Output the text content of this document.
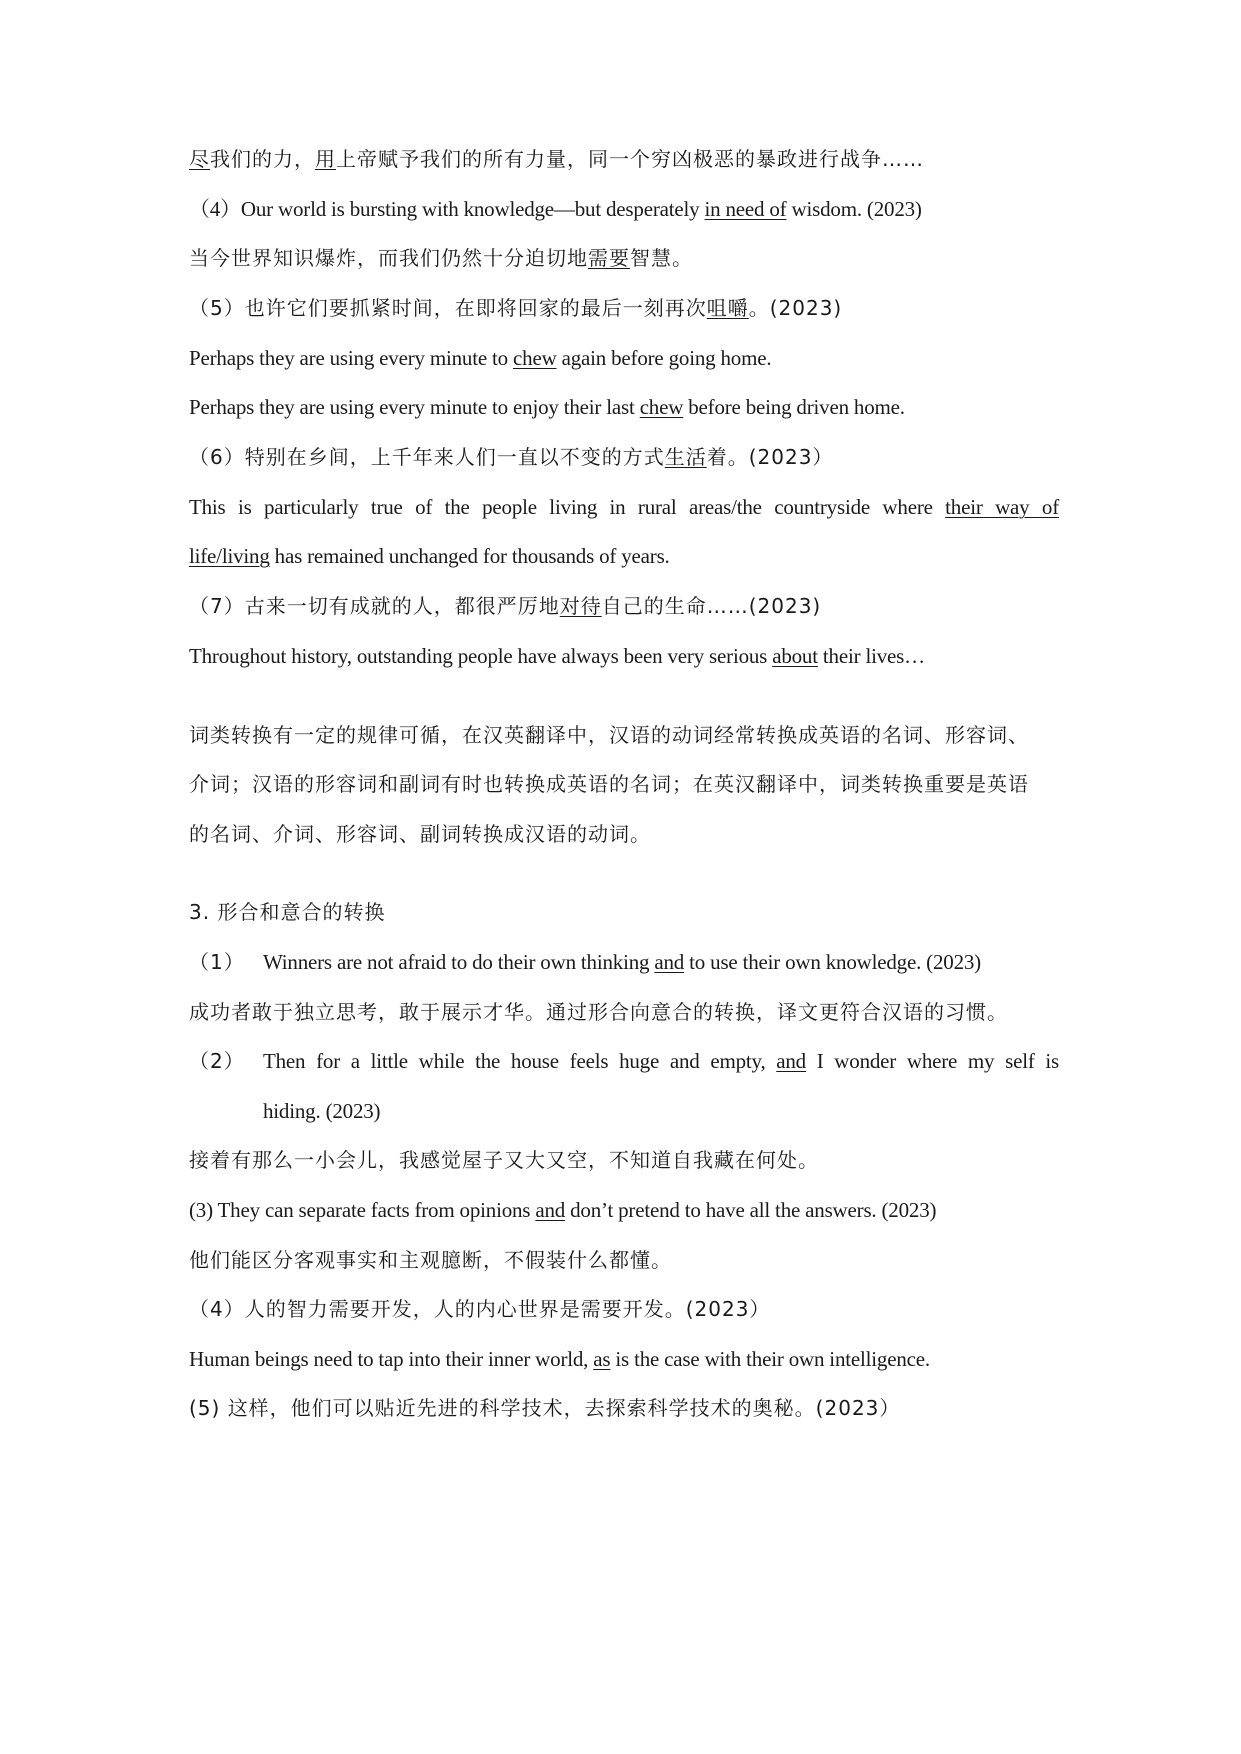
尽我们的力，用上帝赋予我们的所有力量，同一个穷凶极恶的暴政进行战争……
（4）Our world is bursting with knowledge—but desperately in need of wisdom. (2023)
当今世界知识爆炸，而我们仍然十分迫切地需要智慧。
（5）也许它们要抓紧时间，在即将回家的最后一刻再次咀嚼。(2023)
Perhaps they are using every minute to chew again before going home.
Perhaps they are using every minute to enjoy their last chew before being driven home.
（6）特别在乡间，上千年来人们一直以不变的方式生活着。(2023）
This is particularly true of the people living in rural areas/the countryside where their way of
life/living has remained unchanged for thousands of years.
（7）古来一切有成就的人，都很严厉地对待自己的生命……(2023)
Throughout history, outstanding people have always been very serious about their lives…
词类转换有一定的规律可循，在汉英翻译中，汉语的动词经常转换成英语的名词、形容词、
介词；汉语的形容词和副词有时也转换成英语的名词；在英汉翻译中，词类转换重要是英语
的名词、介词、形容词、副词转换成汉语的动词。
3. 形合和意合的转换
（1） Winners are not afraid to do their own thinking and to use their own knowledge. (2023)
成功者敢于独立思考，敢于展示才华。通过形合向意合的转换，译文更符合汉语的习惯。
（2） Then for a little while the house feels huge and empty, and I wonder where my self is
hiding. (2023)
接着有那么一小会儿，我感觉屋子又大又空，不知道自我藏在何处。
(3) They can separate facts from opinions and don’t pretend to have all the answers. (2023)
他们能区分客观事实和主观臆断，不假装什么都懂。
（4）人的智力需要开发，人的内心世界是需要开发。(2023）
Human beings need to tap into their inner world, as is the case with their own intelligence.
(5) 这样，他们可以贴近先进的科学技术，去探索科学技术的奥秘。(2023）
